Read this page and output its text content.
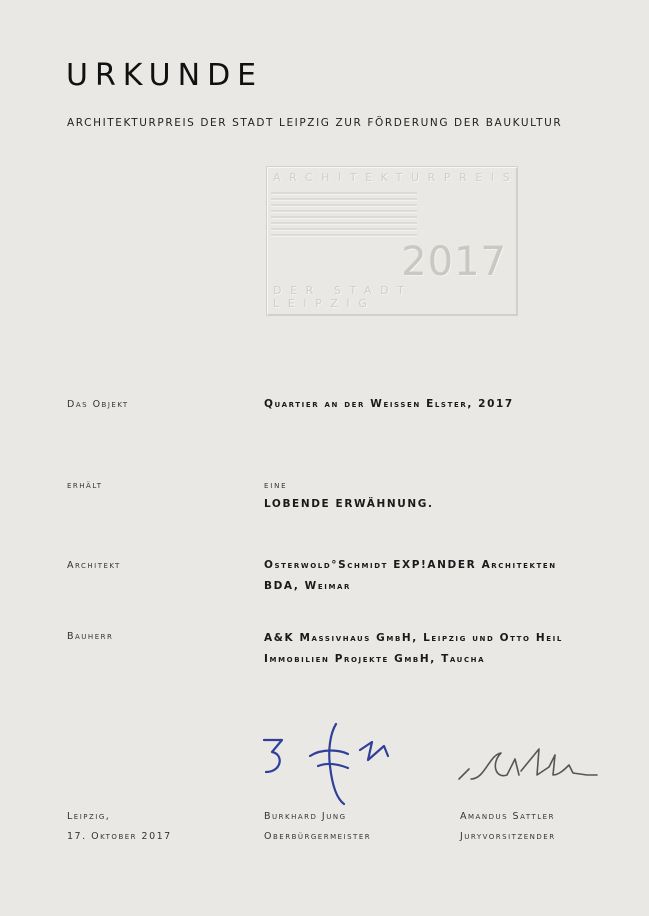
URKUNDE
ARCHITEKTURPREIS DER STADT LEIPZIG ZUR FÖRDERUNG DER BAUKULTUR
ARCHITEKTURPREIS
2017
DER STADT LEIPZIG
Das Objekt	Quartier an der Weissen Elster, 2017
erhält	eine
LOBENDE ERWÄHNUNG.
Architekt	Osterwold°Schmidt EXP!ANDER Architekten
BDA, Weimar
Bauherr	A&K Massivhaus GmbH, Leipzig und Otto Heil
Immobilien Projekte GmbH, Taucha
Leipzig,
17. Oktober 2017
Burkhard Jung
Oberbürgermeister
Amandus Sattler
Juryvorsitzender
